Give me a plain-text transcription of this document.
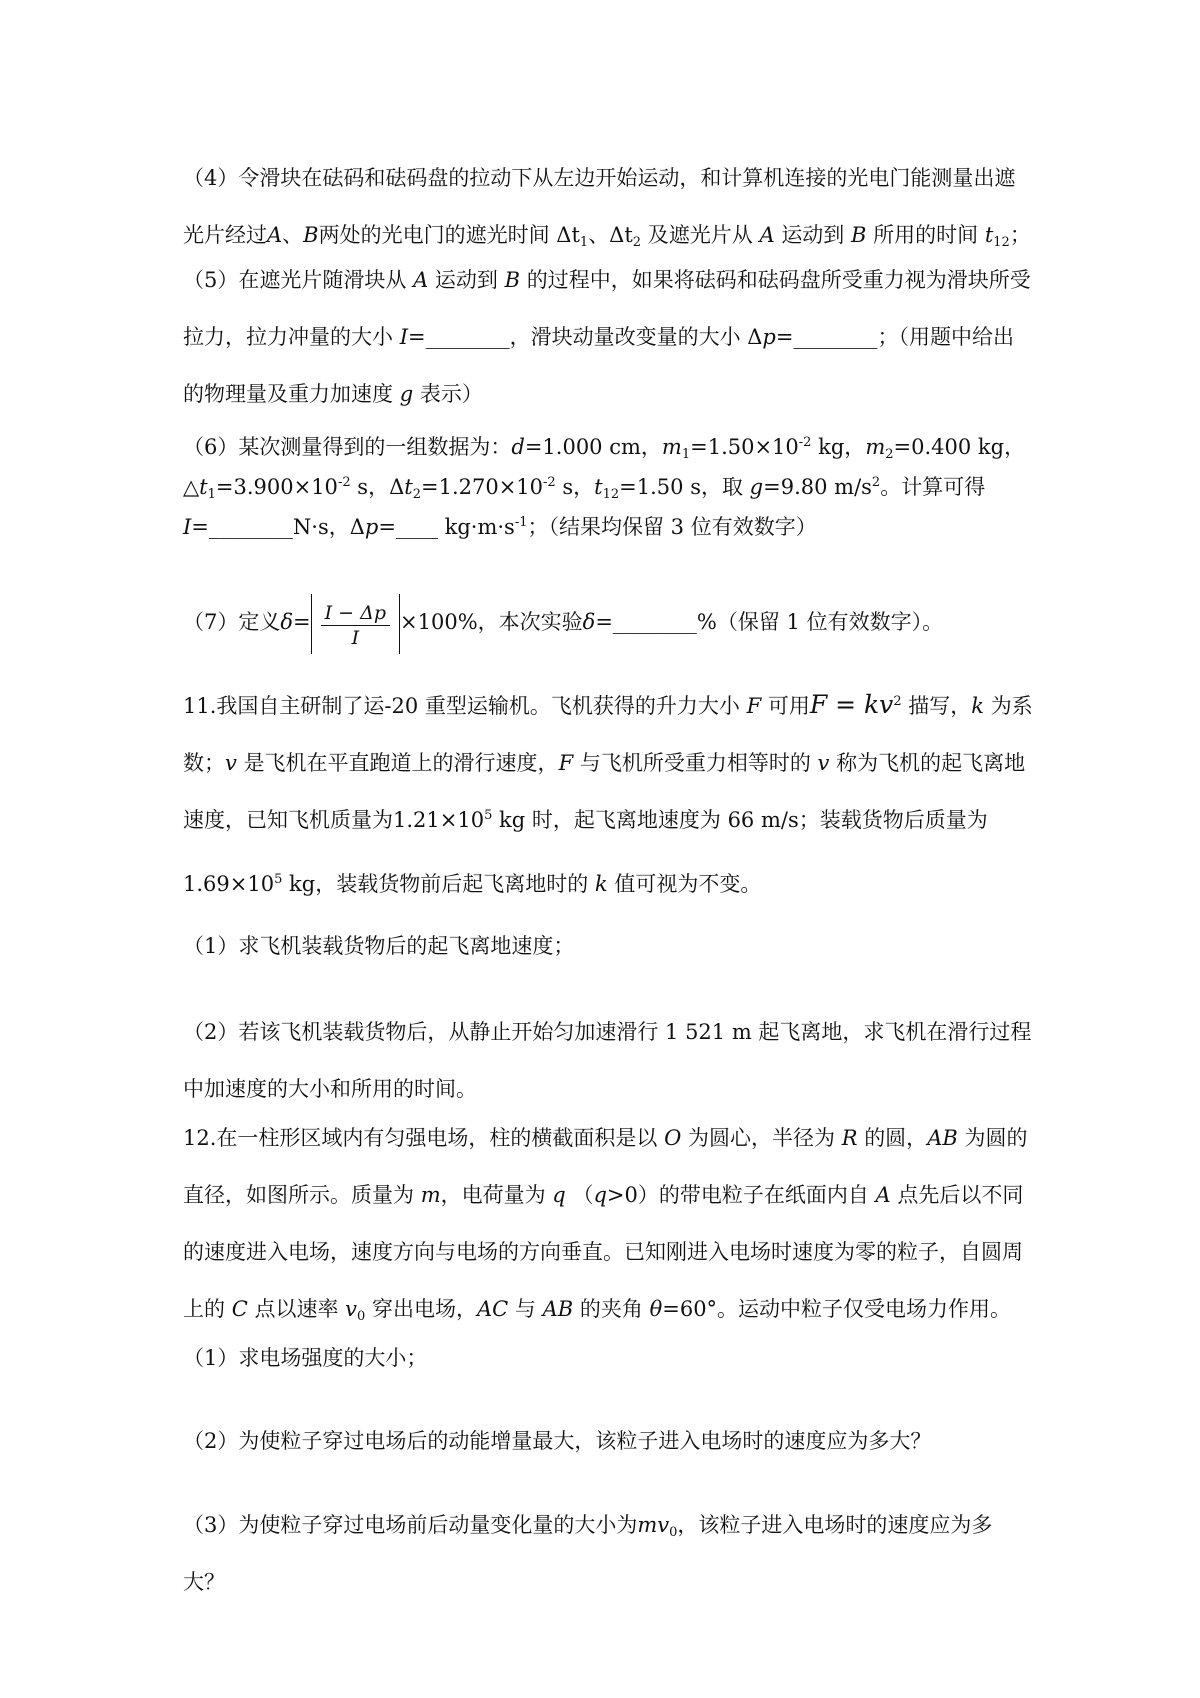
（4）令滑块在砝码和砝码盘的拉动下从左边开始运动，和计算机连接的光电门能测量出遮光片经过A、B两处的光电门的遮光时间 $\Delta t_1$、$\Delta t_2$ 及遮光片从 A 运动到 B 所用的时间 $t_{12}$；

（5）在遮光片随滑块从 A 运动到 B 的过程中，如果将砝码和砝码盘所受重力视为滑块所受拉力，拉力冲量的大小 I=________，滑块动量改变量的大小 Δp=________；（用题中给出的物理量及重力加速度 g 表示）

（6）某次测量得到的一组数据为：d=1.000 cm，$m_1=1.50\times 10^{-2}$ kg，$m_2=0.400$ kg，
$\triangle t_1=3.900\times 10^{-2}$ s，$\Delta t_2=1.270\times 10^{-2}$ s，$t_{12}=1.50$ s，取 g=9.80 $m/s^2$。计算可得
I=________N·s，Δp=____ $kg\cdot m\cdot s^{-1}$；（结果均保留 3 位有效数字）

（7）定义$\delta= \frac{I - \Delta p}{I} \times 100\%$，本次实验δ=________%（保留 1 位有效数字）。

11.我国自主研制了运-20 重型运输机。飞机获得的升力大小 F 可用$F = kv^2$ 描写，k 为系数；v 是飞机在平直跑道上的滑行速度，F 与飞机所受重力相等时的 v 称为飞机的起飞离地速度，已知飞机质量为$1.21\times 10^5$ kg 时，起飞离地速度为 66 m/s；装载货物后质量为
$1.69\times 10^5$ kg，装载货物前后起飞离地时的 k 值可视为不变。

（1）求飞机装载货物后的起飞离地速度；

（2）若该飞机装载货物后，从静止开始匀加速滑行 1 521 m 起飞离地，求飞机在滑行过程中加速度的大小和所用的时间。

12.在一柱形区域内有匀强电场，柱的横截面积是以 O 为圆心，半径为 R 的圆，AB 为圆的直径，如图所示。质量为 m，电荷量为 q （q>0）的带电粒子在纸面内自 A 点先后以不同的速度进入电场，速度方向与电场的方向垂直。已知刚进入电场时速度为零的粒子，自圆周上的 C 点以速率 $v_0$ 穿出电场，AC 与 AB 的夹角 θ=60°。运动中粒子仅受电场力作用。

（1）求电场强度的大小；

（2）为使粒子穿过电场后的动能增量最大，该粒子进入电场时的速度应为多大？

（3）为使粒子穿过电场前后动量变化量的大小为$mv_0$，该粒子进入电场时的速度应为多大？
